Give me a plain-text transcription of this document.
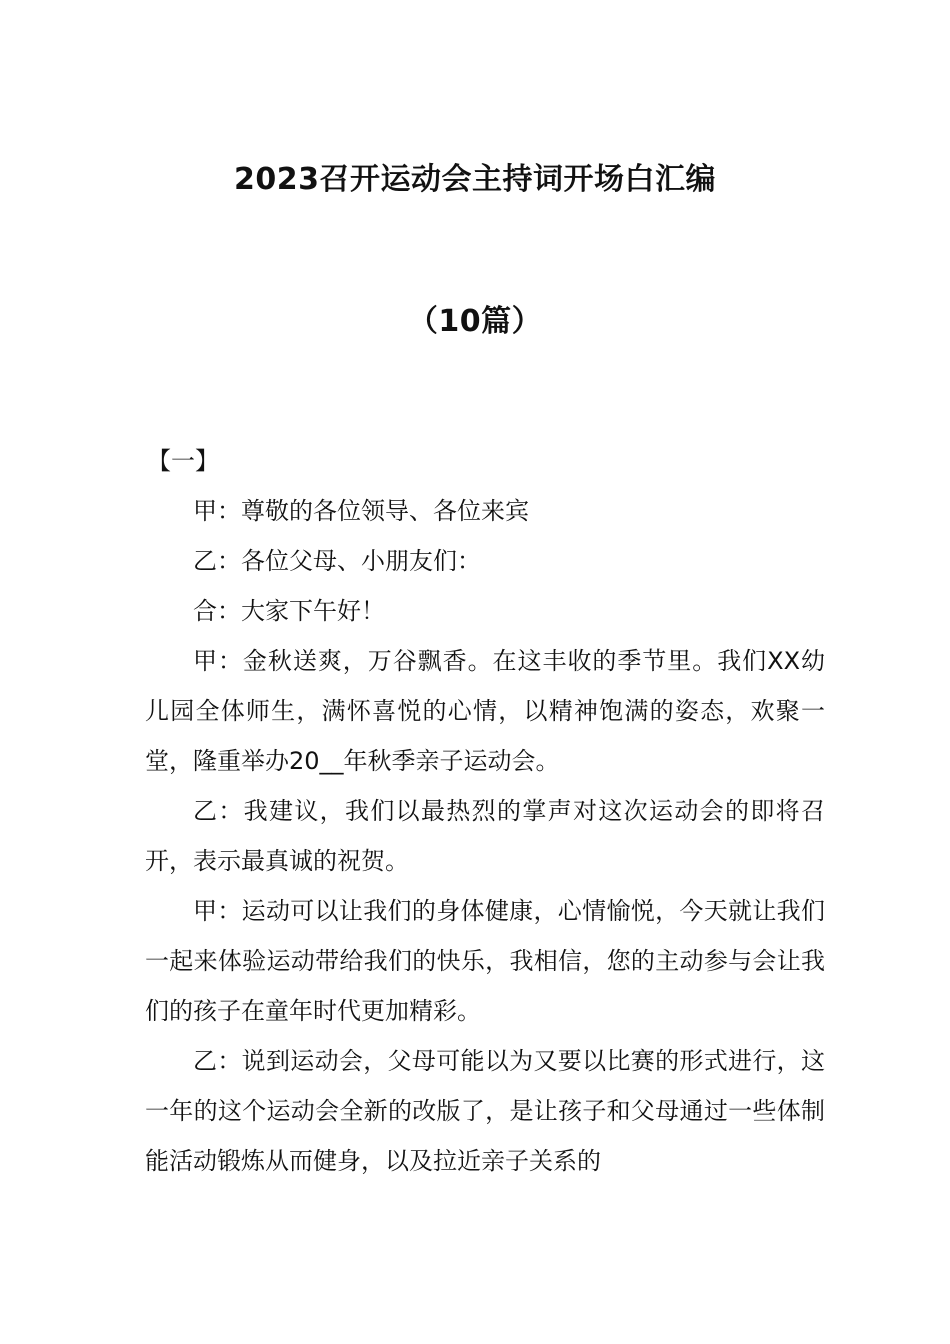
2023召开运动会主持词开场白汇编
（10篇）
【一】

甲：尊敬的各位领导、各位来宾

乙：各位父母、小朋友们：

合：大家下午好！

甲：金秋送爽，万谷飘香。在这丰收的季节里。我们XX幼儿园全体师生，满怀喜悦的心情，以精神饱满的姿态，欢聚一堂，隆重举办20__年秋季亲子运动会。

乙：我建议，我们以最热烈的掌声对这次运动会的即将召开，表示最真诚的祝贺。

甲：运动可以让我们的身体健康，心情愉悦，今天就让我们一起来体验运动带给我们的快乐，我相信，您的主动参与会让我们的孩子在童年时代更加精彩。

乙：说到运动会，父母可能以为又要以比赛的形式进行，这一年的这个运动会全新的改版了，是让孩子和父母通过一些体制能活动锻炼从而健身，以及拉近亲子关系的
